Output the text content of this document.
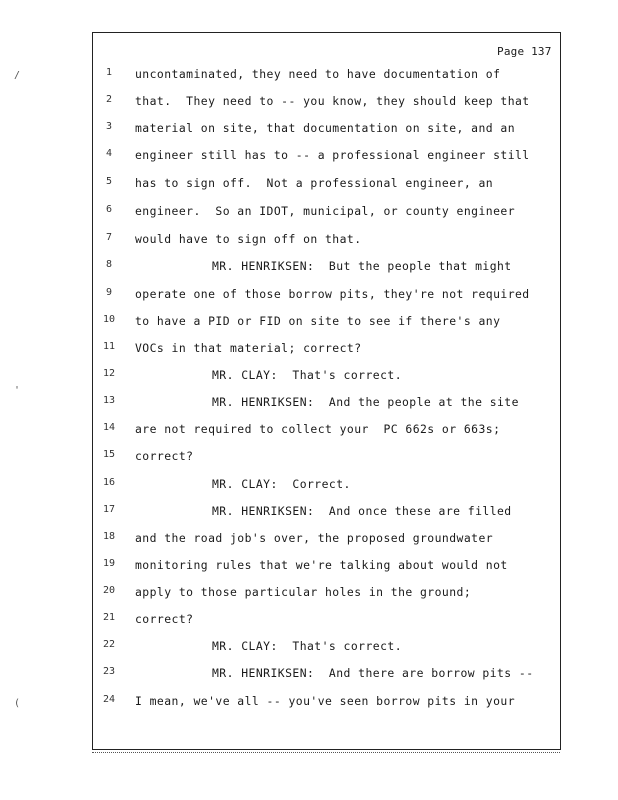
Page 137
1	uncontaminated, they need to have documentation of
2	that.  They need to -- you know, they should keep that
3	material on site, that documentation on site, and an
4	engineer still has to -- a professional engineer still
5	has to sign off.  Not a professional engineer, an
6	engineer.  So an IDOT, municipal, or county engineer
7	would have to sign off on that.
8	MR. HENRIKSEN:  But the people that might
9	operate one of those borrow pits, they're not required
10	to have a PID or FID on site to see if there's any
11	VOCs in that material; correct?
12	MR. CLAY:  That's correct.
13	MR. HENRIKSEN:  And the people at the site
14	are not required to collect your  PC 662s or 663s;
15	correct?
16	MR. CLAY:  Correct.
17	MR. HENRIKSEN:  And once these are filled
18	and the road job's over, the proposed groundwater
19	monitoring rules that we're talking about would not
20	apply to those particular holes in the ground;
21	correct?
22	MR. CLAY:  That's correct.
23	MR. HENRIKSEN:  And there are borrow pits --
24	I mean, we've all -- you've seen borrow pits in your
/
'
(
